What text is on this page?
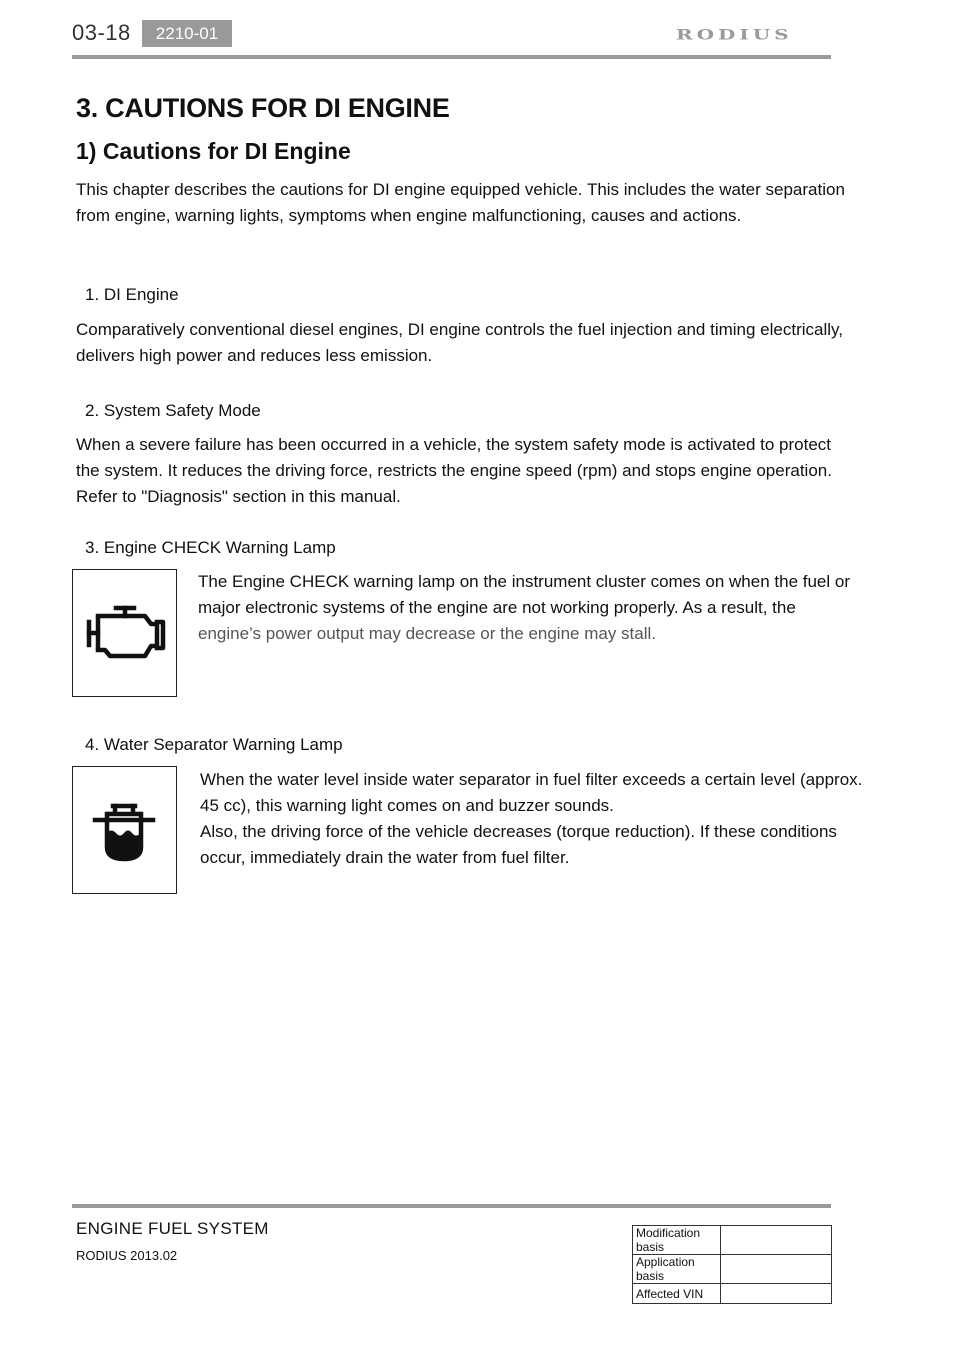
03-18	2210-01	RODIUS
3. CAUTIONS FOR DI ENGINE
1) Cautions for DI Engine
This chapter describes the cautions for DI engine equipped vehicle. This includes the water separation
from engine, warning lights, symptoms when engine malfunctioning, causes and actions.
1. DI Engine
Comparatively conventional diesel engines, DI engine controls the fuel injection and timing electrically,
delivers high power and reduces less emission.
2. System Safety Mode
When a severe failure has been occurred in a vehicle, the system safety mode is activated to protect
the system. It reduces the driving force, restricts the engine speed (rpm) and stops engine operation.
Refer to "Diagnosis" section in this manual.
3. Engine CHECK Warning Lamp
The Engine CHECK warning lamp on the instrument cluster comes on when the fuel or
major electronic systems of the engine are not working properly. As a result, the
engine’s power output may decrease or the engine may stall.
4. Water Separator Warning Lamp
When the water level inside water separator in fuel filter exceeds a certain level (approx.
45 cc), this warning light comes on and buzzer sounds.
Also, the driving force of the vehicle decreases (torque reduction). If these conditions
occur, immediately drain the water from fuel filter.
ENGINE FUEL SYSTEM
RODIUS 2013.02
Modification basis	
Application basis	
Affected VIN	
